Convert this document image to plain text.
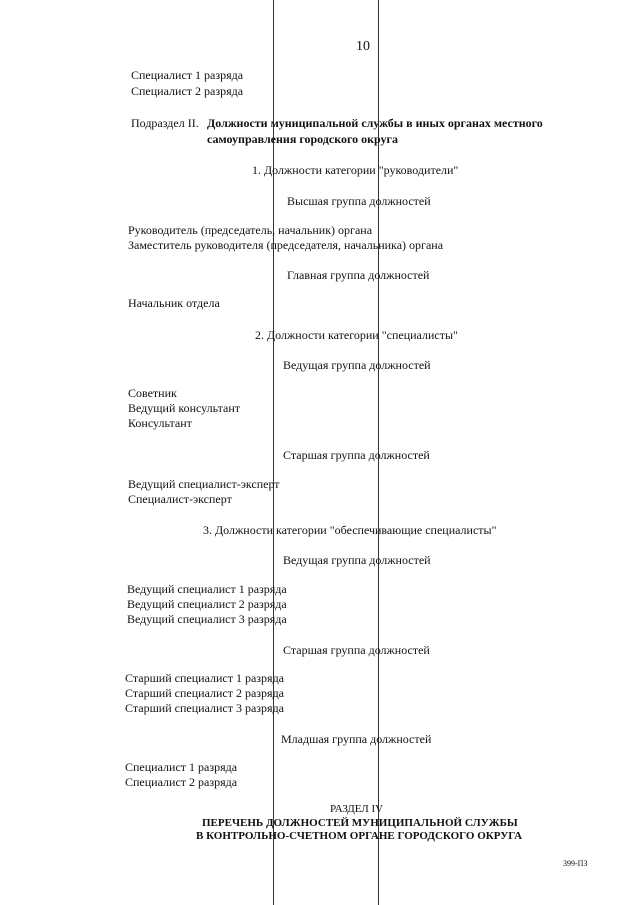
10
Специалист 1 разряда
Специалист 2 разряда
Подраздел II. Должности муниципальной службы в иных органах местного
самоуправления городского округа
1. Должности категории "руководители"
Высшая группа должностей
Руководитель (председатель, начальник) органа
Заместитель руководителя (председателя, начальника) органа
Главная группа должностей
Начальник отдела
2. Должности категории "специалисты"
Ведущая группа должностей
Советник
Ведущий консультант
Консультант
Старшая группа должностей
Ведущий специалист-эксперт
Специалист-эксперт
3. Должности категории "обеспечивающие специалисты"
Ведущая группа должностей
Ведущий специалист 1 разряда
Ведущий специалист 2 разряда
Ведущий специалист 3 разряда
Старшая группа должностей
Старший специалист 1 разряда
Старший специалист 2 разряда
Старший специалист 3 разряда
Младшая группа должностей
Специалист 1 разряда
Специалист 2 разряда
РАЗДЕЛ IV
ПЕРЕЧЕНЬ ДОЛЖНОСТЕЙ МУНИЦИПАЛЬНОЙ СЛУЖБЫ
В КОНТРОЛЬНО-СЧЕТНОМ ОРГАНЕ ГОРОДСКОГО ОКРУГА
399-ПЗ
